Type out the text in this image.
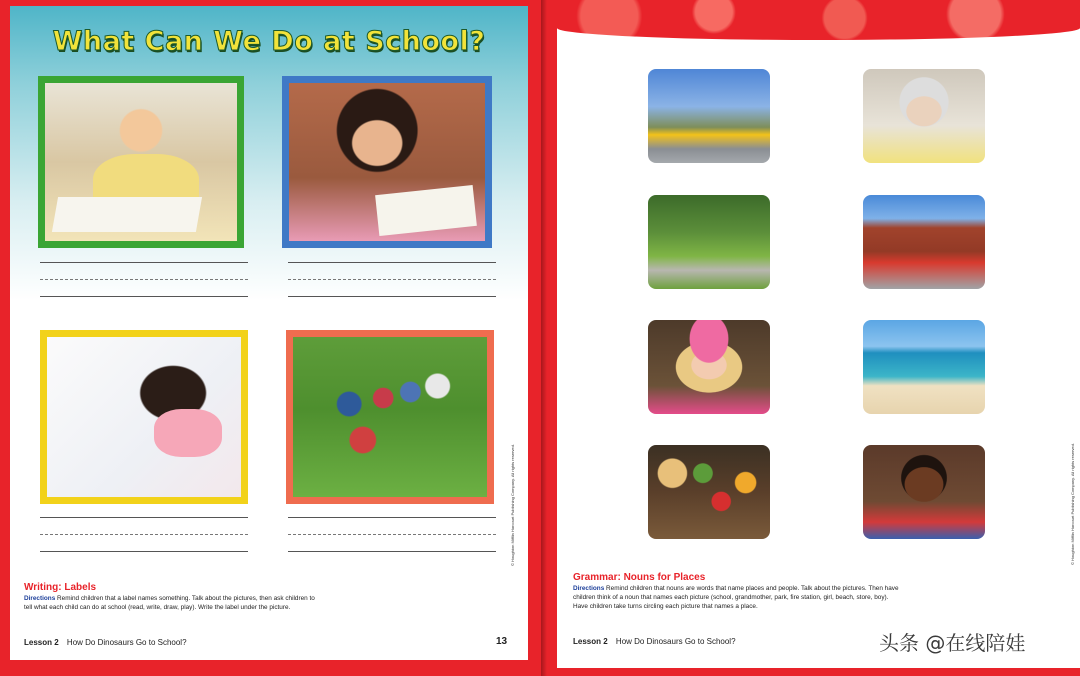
What Can We Do at School?
Writing: Labels
Directions Remind children that a label names something. Talk about the pictures, then ask children to tell what each child can do at school (read, write, draw, play). Write the label under the picture.
Lesson 2 How Do Dinosaurs Go to School?	13
© Houghton Mifflin Harcourt Publishing Company. All rights reserved.
Grammar: Nouns for Places
Directions Remind children that nouns are words that name places and people. Talk about the pictures. Then have children think of a noun that names each picture (school, grandmother, park, fire station, girl, beach, store, boy). Have children take turns circling each picture that names a place.
Lesson 2 How Do Dinosaurs Go to School?
© Houghton Mifflin Harcourt Publishing Company. All rights reserved.
头条 @在线陪娃
